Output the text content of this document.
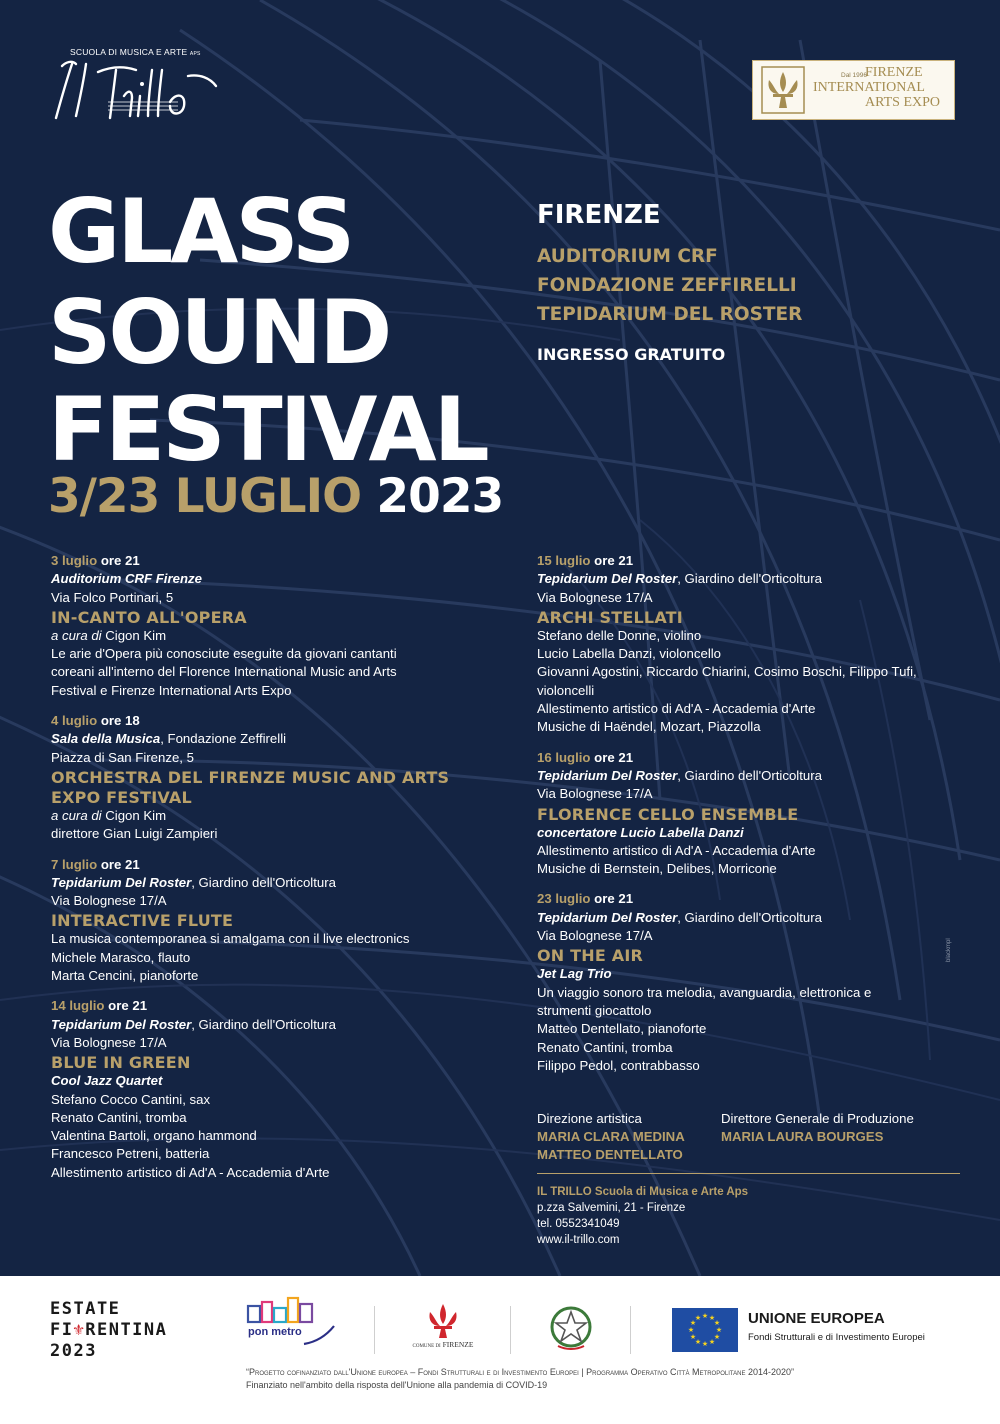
SCUOLA DI MUSICA E ARTE APS
Dal 1996
FIRENZE
INTERNATIONAL
ARTS EXPO
GLASS
SOUND
FESTIVAL
3/23 LUGLIO 2023
FIRENZE
AUDITORIUM CRF
FONDAZIONE ZEFFIRELLI
TEPIDARIUM DEL ROSTER
INGRESSO GRATUITO
3 luglio ore 21
Auditorium CRF Firenze
Via Folco Portinari, 5
IN-CANTO ALL'OPERA
a cura di Cigon Kim
Le arie d'Opera più conosciute eseguite da giovani cantanti
coreani all'interno del Florence International Music and Arts
Festival e Firenze International Arts Expo
4 luglio ore 18
Sala della Musica, Fondazione Zeffirelli
Piazza di San Firenze, 5
ORCHESTRA DEL FIRENZE MUSIC AND ARTS
EXPO FESTIVAL
a cura di Cigon Kim
direttore Gian Luigi Zampieri
7 luglio ore 21
Tepidarium Del Roster, Giardino dell'Orticoltura
Via Bolognese 17/A
INTERACTIVE FLUTE
La musica contemporanea si amalgama con il live electronics
Michele Marasco, flauto
Marta Cencini, pianoforte
14 luglio ore 21
Tepidarium Del Roster, Giardino dell'Orticoltura
Via Bolognese 17/A
BLUE IN GREEN
Cool Jazz Quartet
Stefano Cocco Cantini, sax
Renato Cantini, tromba
Valentina Bartoli, organo hammond
Francesco Petreni, batteria
Allestimento artistico di Ad'A - Accademia d'Arte
15 luglio ore 21
Tepidarium Del Roster, Giardino dell'Orticoltura
Via Bolognese 17/A
ARCHI STELLATI
Stefano delle Donne, violino
Lucio Labella Danzi, violoncello
Giovanni Agostini, Riccardo Chiarini, Cosimo Boschi, Filippo Tufi,
violoncelli
Allestimento artistico di Ad'A - Accademia d'Arte
Musiche di Haëndel, Mozart, Piazzolla
16 luglio ore 21
Tepidarium Del Roster, Giardino dell'Orticoltura
Via Bolognese 17/A
FLORENCE CELLO ENSEMBLE
concertatore Lucio Labella Danzi
Allestimento artistico di Ad'A - Accademia d'Arte
Musiche di Bernstein, Delibes, Morricone
23 luglio ore 21
Tepidarium Del Roster, Giardino dell'Orticoltura
Via Bolognese 17/A
ON THE AIR
Jet Lag Trio
Un viaggio sonoro tra melodia, avanguardia, elettronica e
strumenti giocattolo
Matteo Dentellato, pianoforte
Renato Cantini, tromba
Filippo Pedol, contrabbasso
Direzione artistica
MARIA CLARA MEDINA
MATTEO DENTELLATO
Direttore Generale di Produzione
MARIA LAURA BOURGES
IL TRILLO Scuola di Musica e Arte Aps
p.zza Salvemini, 21 - Firenze
tel. 0552341049
www.il-trillo.com
blackmpl
ESTATE
FI⚜RENTINA
2023
pon metro
COMUNE DI FIRENZE
★ ★
★
★
★
★
★
★
★
★
★
★	UNIONE EUROPEA
Fondi Strutturali e di Investimento Europei
“Progetto cofinanziato dall'Unione europea – Fondi Strutturali e di Investimento Europei | Programma Operativo Città Metropolitane 2014-2020”
Finanziato nell'ambito della risposta dell'Unione alla pandemia di COVID-19
